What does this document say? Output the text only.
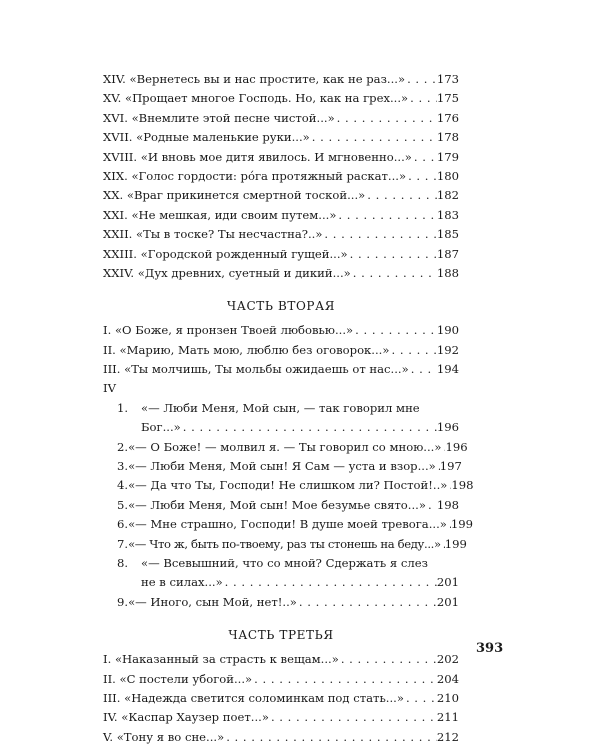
XIV. «Вернетесь вы и нас простите, как не раз...» . . .	173
XV. «Прощает многое Господь. Но, как на грех...» . . . 175
XVI. «Внемлите этой песне чистой...» . . .	176
XVII. «Родные маленькие руки...» . . .	178
XVIII. «И вновь мое дитя явилось. И мгновенно...» . . . 179
XIX. «Голос гордости: рóга протяжный раскат...» . . .	180
XX. «Враг прикинется смертной тоской...» . . .	182
XXI. «Не мешкая, иди своим путем...» . . .	183
XXII. «Ты в тоске? Ты несчастна?..» . . .	185
XXIII. «Городской рожденный гущей...» . . .	187
XXIV. «Дух древних, суетный и дикий...» . . .	188
ЧАСТЬ ВТОРАЯ
I. «О Боже, я пронзен Твоей любовью...» . . .	190
II. «Марию, Мать мою, люблю без оговорок...» . . .	192
III. «Ты молчишь, Ты мольбы ожидаешь от нас...» . . . 194
IV
1.	«— Люби Меня, Мой сын, — так говорил мне
Бог...» . . .	196
2. «— О Боже! — молвил я. — Ты говорил со мною...» . . . 196
3. «— Люби Меня, Мой сын! Я Сам — уста и взор...» . . . 197
4. «— Да что Ты, Господи! Не слишком ли? Постой!..» . . . 198
5. «— Люби Меня, Мой сын! Мое безумье свято...» . . . 198
6. «— Мне страшно, Господи! В душе моей тревога...» . . . 199
7. «— Что ж, быть по-твоему, раз ты стонешь на беду...» . . . 199
8.	«— Всевышний, что со мной? Сдержать я слез
не в силах...» . . .	201
9. «— Иного, сын Мой, нет!..» . . .	201
ЧАСТЬ ТРЕТЬЯ
I. «Наказанный за страсть к вещам...» . . .	202
II. «С постели убогой...» . . .	204
III. «Надежда светится соломинкам под стать...» . . .	210
IV. «Каспар Хаузер поет...» . . .	211
V. «Тону я во сне...» . . .	212
393
